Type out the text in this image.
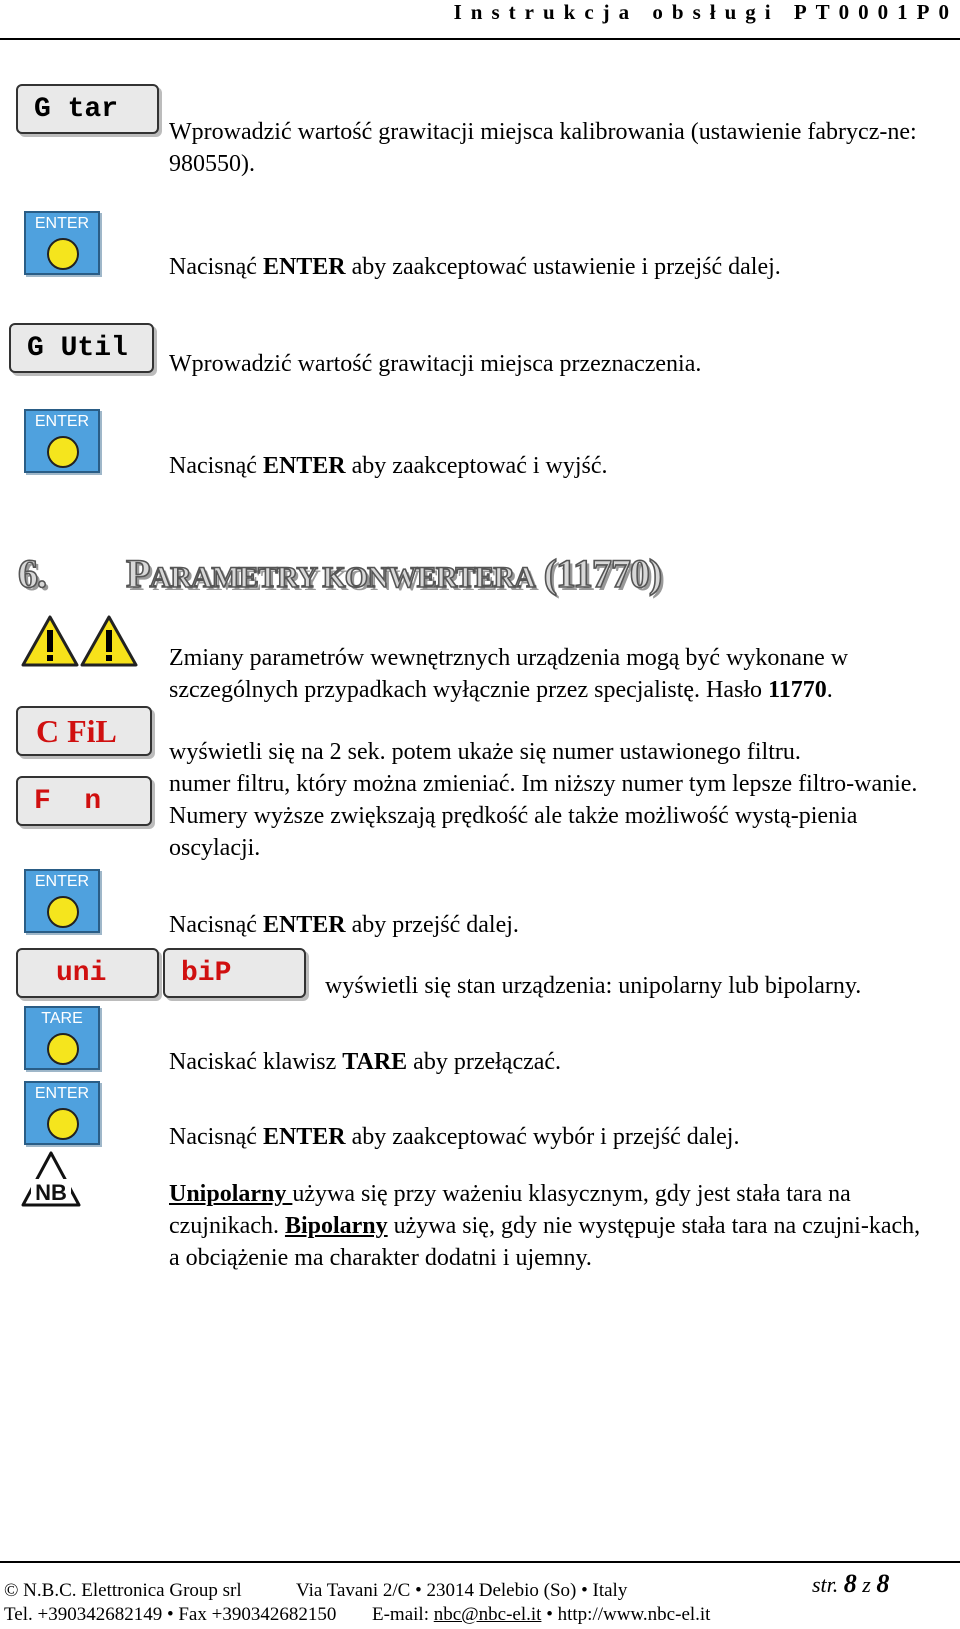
Instrukcja obsługi PT0001P0
G tar
Wprowadzić wartość grawitacji miejsca kalibrowania (ustawienie fabrycz-ne: 980550).
ENTER
Nacisnąć ENTER aby zaakceptować ustawienie i przejść dalej.
G Util
Wprowadzić wartość grawitacji miejsca przeznaczenia.
ENTER
Nacisnąć ENTER aby zaakceptować i wyjść.
6. PARAMETRY KONWERTERA (11770)
Zmiany parametrów wewnętrznych urządzenia mogą być wykonane w szczególnych przypadkach wyłącznie przez specjalistę. Hasło 11770.
C FiL
wyświetli się na 2 sek. potem ukaże się numer ustawionego filtru.
F  n
numer filtru, który można zmieniać. Im niższy numer tym lepsze filtro-wanie. Numery wyższe zwiększają prędkość ale także możliwość wystą-pienia oscylacji.
ENTER
Nacisnąć ENTER aby przejść dalej.
uni	biP	wyświetli się stan urządzenia: unipolarny lub bipolarny.
TARE
Naciskać klawisz TARE aby przełączać.
ENTER
Nacisnąć ENTER aby zaakceptować wybór i przejść dalej.
NB	Unipolarny używa się przy ważeniu klasycznym, gdy jest stała tara na czujnikach. Bipolarny używa się, gdy nie występuje stała tara na czujni-kach, a obciążenie ma charakter dodatni i ujemny.
© N.B.C. Elettronica Group srl	Via Tavani 2/C • 23014 Delebio (So) • Italy	str. 8 z 8
Tel. +390342682149 • Fax +390342682150 E-mail: nbc@nbc-el.it • http://www.nbc-el.it
